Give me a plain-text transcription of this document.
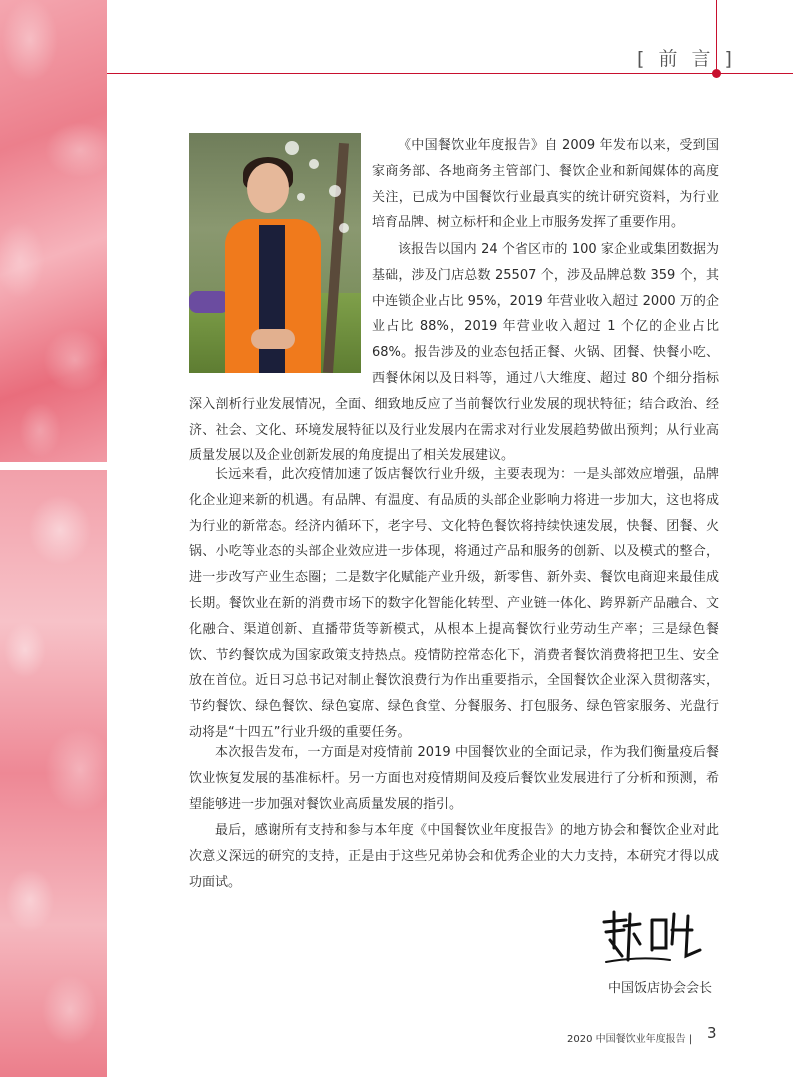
[ 前 言 ]

《中国餐饮业年度报告》自 2009 年发布以来，受到国家商务部、各地商务主管部门、餐饮企业和新闻媒体的高度关注，已成为中国餐饮行业最真实的统计研究资料，为行业培育品牌、树立标杆和企业上市服务发挥了重要作用。

该报告以国内 24 个省区市的 100 家企业或集团数据为基础，涉及门店总数 25507 个，涉及品牌总数 359 个，其中连锁企业占比 95%，2019 年营业收入超过 2000 万的企业占比 88%，2019 年营业收入超过 1 个亿的企业占比 68%。报告涉及的业态包括正餐、火锅、团餐、快餐小吃、西餐休闲以及日料等，通过八大维度、超过 80 个细分指标深入剖析行业发展情况，全面、细致地反应了当前餐饮行业发展的现状特征；结合政治、经济、社会、文化、环境发展特征以及行业发展内在需求对行业发展趋势做出预判；从行业高质量发展以及企业创新发展的角度提出了相关发展建议。

长远来看，此次疫情加速了饭店餐饮行业升级，主要表现为：一是头部效应增强，品牌化企业迎来新的机遇。有品牌、有温度、有品质的头部企业影响力将进一步加大，这也将成为行业的新常态。经济内循环下，老字号、文化特色餐饮将持续快速发展，快餐、团餐、火锅、小吃等业态的头部企业效应进一步体现，将通过产品和服务的创新、以及模式的整合，进一步改写产业生态圈；二是数字化赋能产业升级，新零售、新外卖、餐饮电商迎来最佳成长期。餐饮业在新的消费市场下的数字化智能化转型、产业链一体化、跨界新产品融合、文化融合、渠道创新、直播带货等新模式，从根本上提高餐饮行业劳动生产率；三是绿色餐饮、节约餐饮成为国家政策支持热点。疫情防控常态化下，消费者餐饮消费将把卫生、安全放在首位。近日习总书记对制止餐饮浪费行为作出重要指示，全国餐饮企业深入贯彻落实，节约餐饮、绿色餐饮、绿色宴席、绿色食堂、分餐服务、打包服务、绿色管家服务、光盘行动将是“十四五”行业升级的重要任务。

本次报告发布，一方面是对疫情前 2019 中国餐饮业的全面记录，作为我们衡量疫后餐饮业恢复发展的基准标杆。另一方面也对疫情期间及疫后餐饮业发展进行了分析和预测，希望能够进一步加强对餐饮业高质量发展的指引。

最后，感谢所有支持和参与本年度《中国餐饮业年度报告》的地方协会和餐饮企业对此次意义深远的研究的支持，正是由于这些兄弟协会和优秀企业的大力支持，本研究才得以成功面试。

中国饭店协会会长
2020 中国餐饮业年度报告 | 3
